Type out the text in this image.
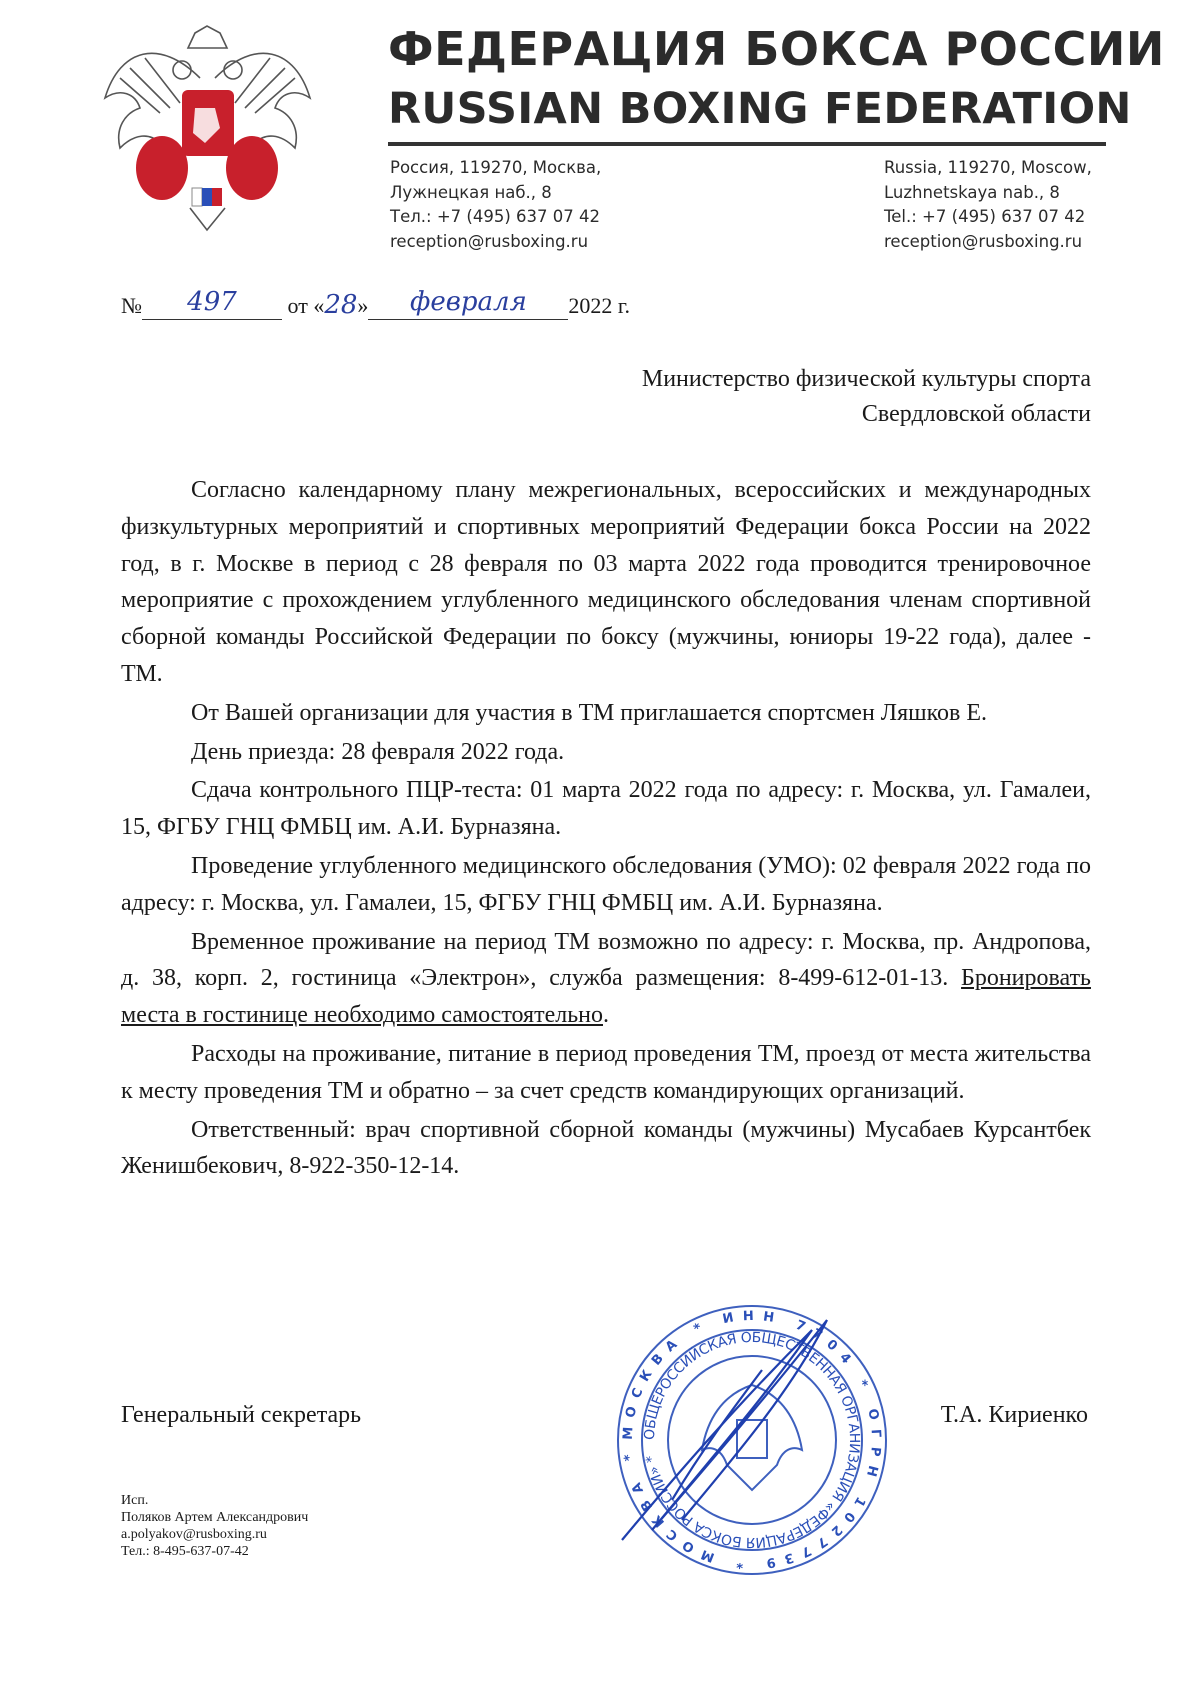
ФЕДЕРАЦИЯ БОКСА РОССИИ
RUSSIAN BOXING FEDERATION
Россия, 119270, Москва,
Лужнецкая наб., 8
Тел.: +7 (495) 637 07 42
reception@rusboxing.ru
Russia, 119270, Moscow,
Luzhnetskaya nab., 8
Tel.: +7 (495) 637 07 42
reception@rusboxing.ru
№	497	от «28»	февраля	2022 г.
Министерство физической культуры спорта
Свердловской области

Согласно календарному плану межрегиональных, всероссийских и международных физкультурных мероприятий и спортивных мероприятий Федерации бокса России на 2022 год, в г. Москве в период с 28 февраля по 03 марта 2022 года проводится тренировочное мероприятие с прохождением углубленного медицинского обследования членам спортивной сборной команды Российской Федерации по боксу (мужчины, юниоры 19-22 года), далее - ТМ.

От Вашей организации для участия в ТМ приглашается спортсмен Ляшков Е.

День приезда: 28 февраля 2022 года.

Сдача контрольного ПЦР-теста: 01 марта 2022 года по адресу: г. Москва, ул. Гамалеи, 15, ФГБУ ГНЦ ФМБЦ им. А.И. Бурназяна.

Проведение углубленного медицинского обследования (УМО): 02 февраля 2022 года по адресу: г. Москва, ул. Гамалеи, 15, ФГБУ ГНЦ ФМБЦ им. А.И. Бурназяна.

Временное проживание на период ТМ возможно по адресу: г. Москва, пр. Андропова, д. 38, корп. 2, гостиница «Электрон», служба размещения: 8-499-612-01-13. Бронировать места в гостинице необходимо самостоятельно.

Расходы на проживание, питание в период проведения ТМ, проезд от места жительства к месту проведения ТМ и обратно – за счет средств командирующих организаций.

Ответственный: врач спортивной сборной команды (мужчины) Мусабаев Курсантбек Женишбекович, 8-922-350-12-14.

Генеральный секретарь	Т.А. Кириенко
МОСКВА * ИНН 7704 * ОГРН 1027739 * МОСКВА *
ОБЩЕРОССИЙСКАЯ ОБЩЕСТВЕННАЯ ОРГАНИЗАЦИЯ «ФЕДЕРАЦИЯ БОКСА РОССИИ» *
Исп.
Поляков Артем Александрович
a.polyakov@rusboxing.ru
Тел.: 8-495-637-07-42
